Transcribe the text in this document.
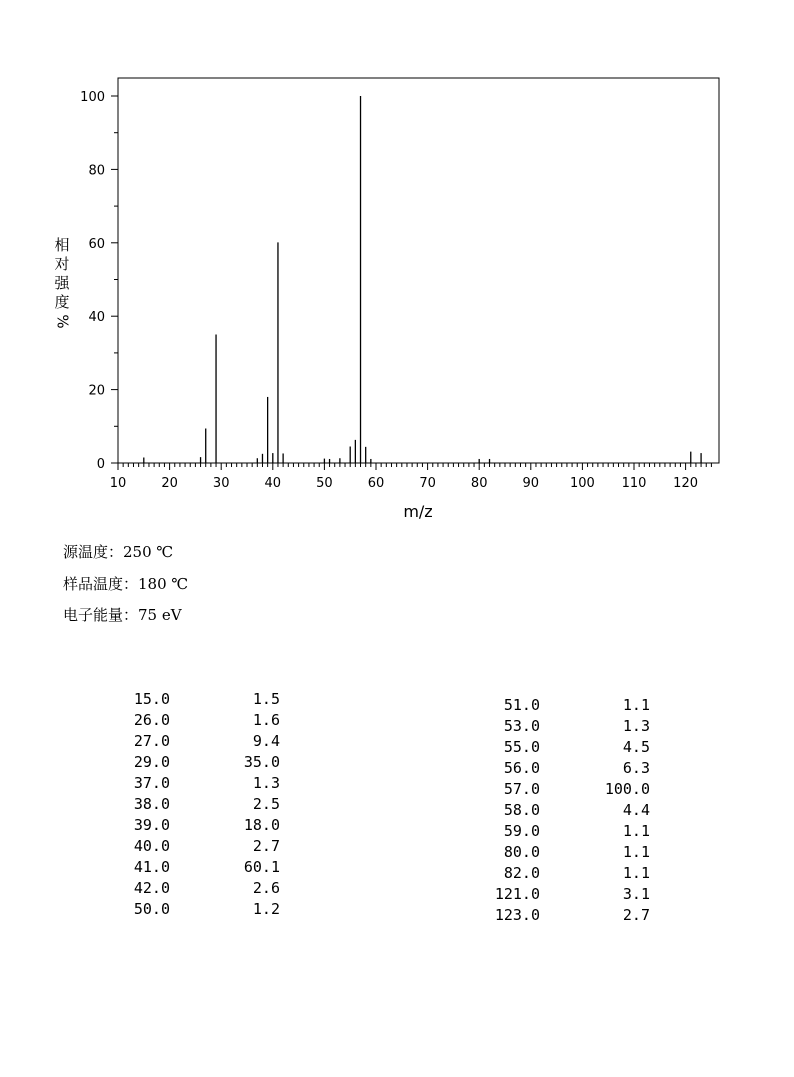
10	20	30	40	50	60	70	80	90 100 110 120
0
20
40
60
80
100
m/z
相
对
强
度
%
源温度：250 ℃
样品温度：180 ℃
电子能量：75 eV
15.0	1.5
26.0	1.6
27.0	9.4
29.0	35.0
37.0	1.3
38.0	2.5
39.0	18.0
40.0	2.7
41.0	60.1
42.0	2.6
50.0	1.2
51.0	1.1
53.0	1.3
55.0	4.5
56.0	6.3
57.0	100.0
58.0	4.4
59.0	1.1
80.0	1.1
82.0	1.1
121.0	3.1
123.0	2.7
